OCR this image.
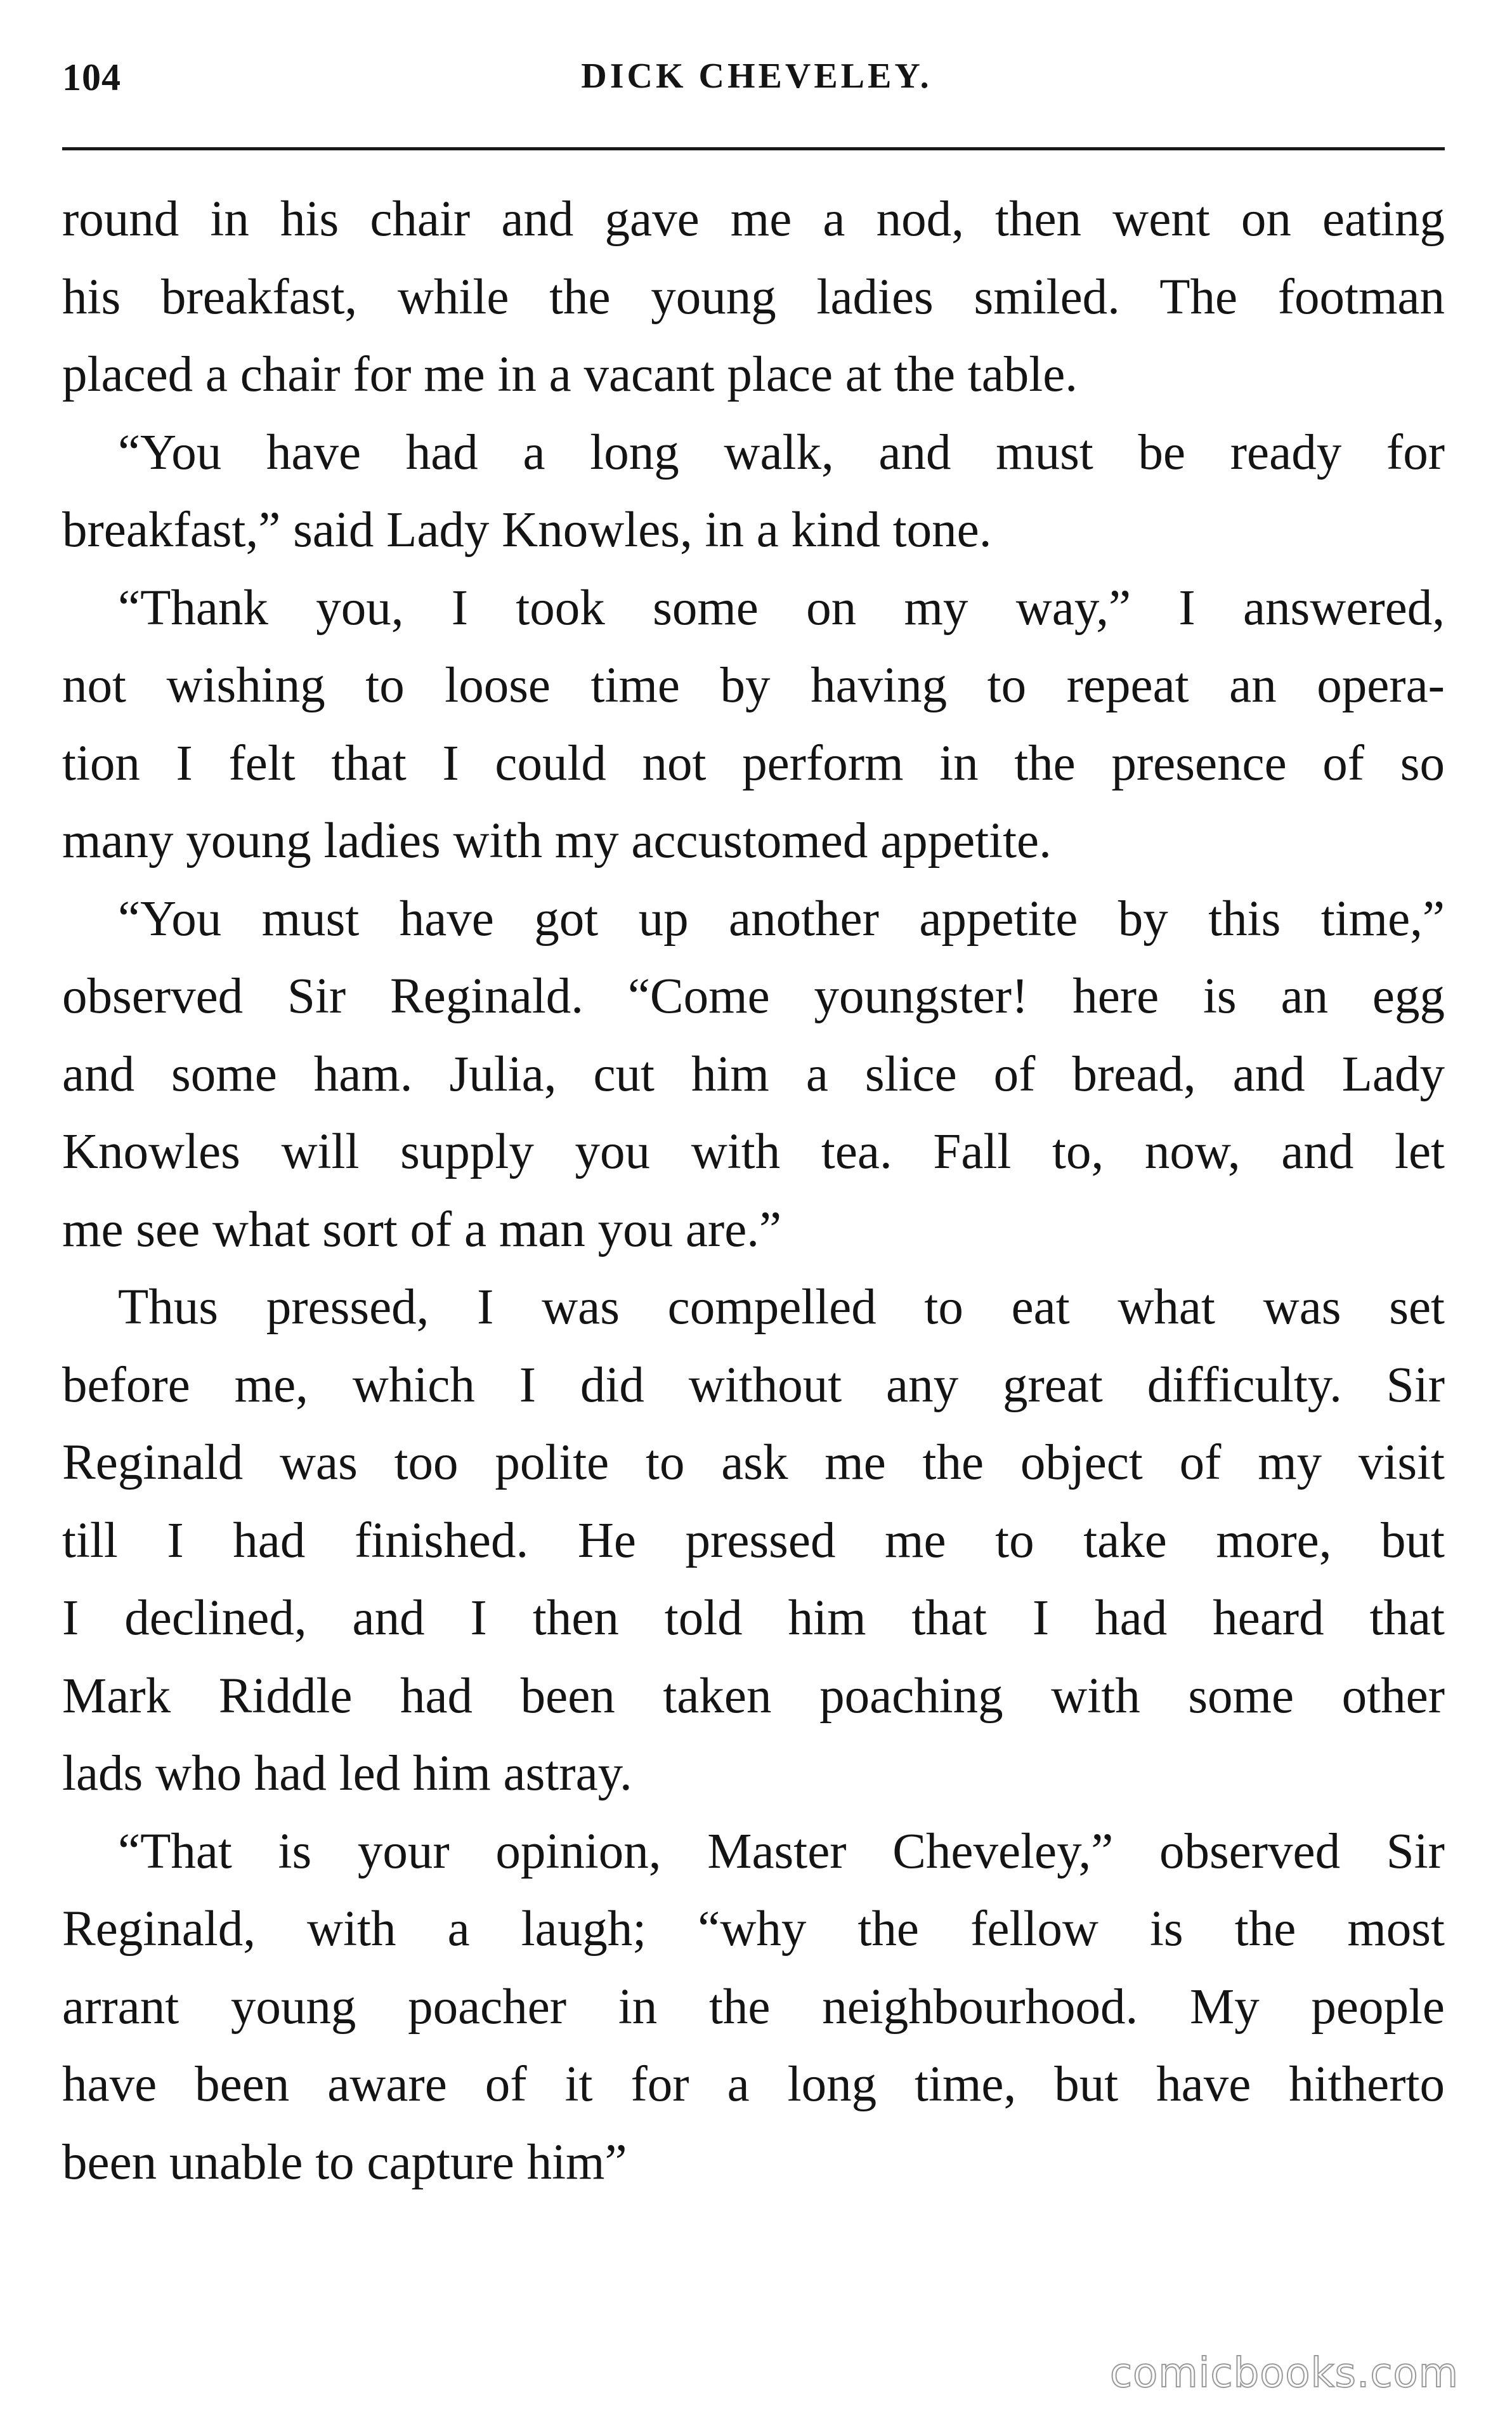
104	DICK CHEVELEY.
round in his chair and gave me a nod, then went on eating
his breakfast, while the young ladies smiled. The footman
placed a chair for me in a vacant place at the table.
“You have had a long walk, and must be ready for
breakfast,” said Lady Knowles, in a kind tone.
“Thank you, I took some on my way,” I answered,
not wishing to loose time by having to repeat an opera-
tion I felt that I could not perform in the presence of so
many young ladies with my accustomed appetite.
“You must have got up another appetite by this time,”
observed Sir Reginald. “Come youngster! here is an egg
and some ham. Julia, cut him a slice of bread, and Lady
Knowles will supply you with tea. Fall to, now, and let
me see what sort of a man you are.”
Thus pressed, I was compelled to eat what was set
before me, which I did without any great difficulty. Sir
Reginald was too polite to ask me the object of my visit
till I had finished. He pressed me to take more, but
I declined, and I then told him that I had heard that
Mark Riddle had been taken poaching with some other
lads who had led him astray.
“That is your opinion, Master Cheveley,” observed Sir
Reginald, with a laugh; “why the fellow is the most
arrant young poacher in the neighbourhood. My people
have been aware of it for a long time, but have hitherto
been unable to capture him”
comicbooks.com
